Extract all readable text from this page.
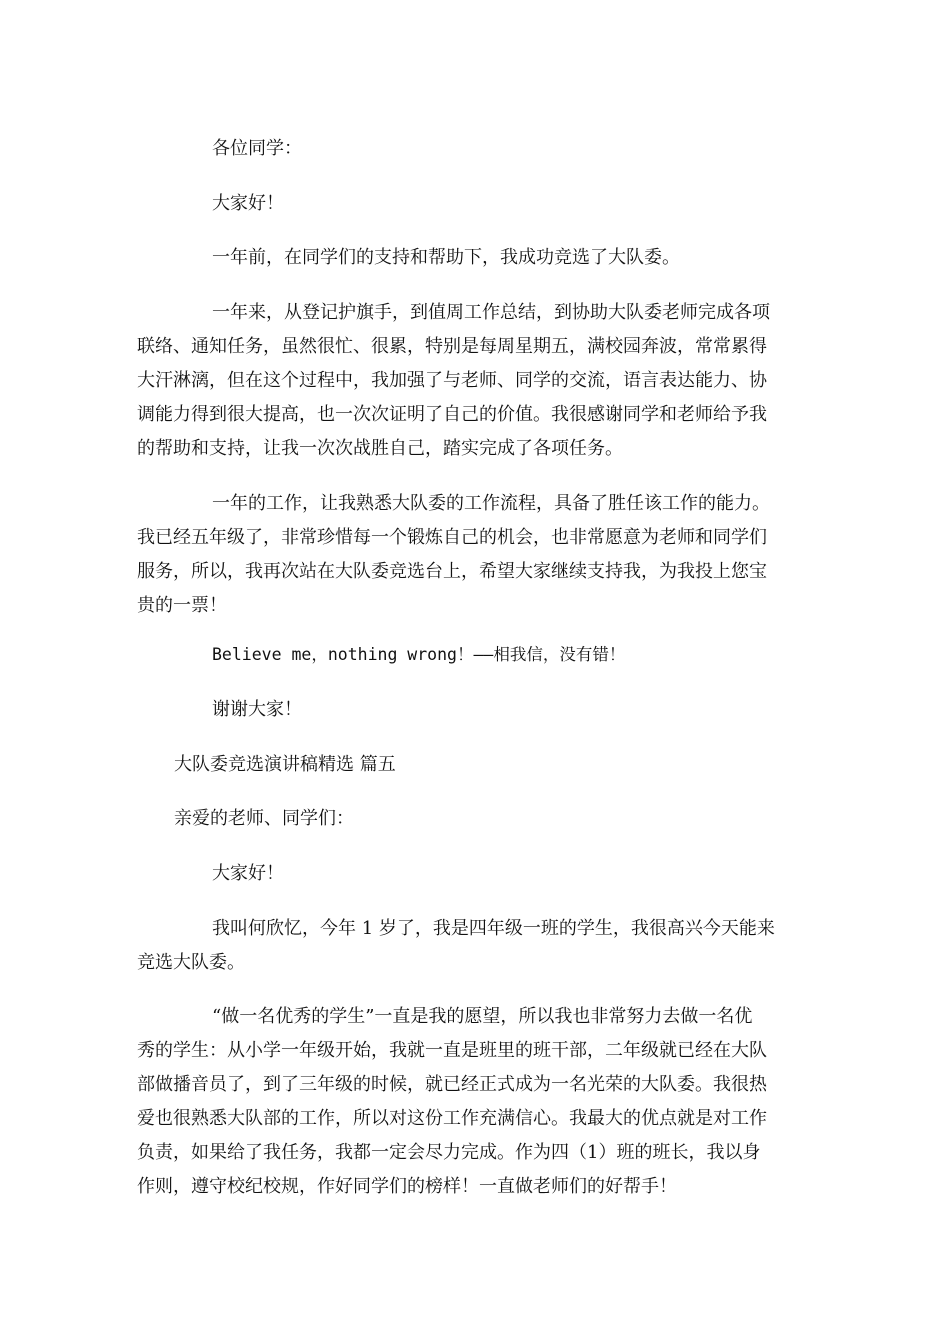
各位同学：
大家好！
一年前，在同学们的支持和帮助下，我成功竞选了大队委。
一年来，从登记护旗手，到值周工作总结，到协助大队委老师完成各项
联络、通知任务，虽然很忙、很累，特别是每周星期五，满校园奔波，常常累得
大汗淋漓，但在这个过程中，我加强了与老师、同学的交流，语言表达能力、协
调能力得到很大提高，也一次次证明了自己的价值。我很感谢同学和老师给予我
的帮助和支持，让我一次次战胜自己，踏实完成了各项任务。
一年的工作，让我熟悉大队委的工作流程，具备了胜任该工作的能力。
我已经五年级了，非常珍惜每一个锻炼自己的机会，也非常愿意为老师和同学们
服务，所以，我再次站在大队委竞选台上，希望大家继续支持我，为我投上您宝
贵的一票！
Believe me，nothing wrong！——相我信，没有错！
谢谢大家！
大队委竞选演讲稿精选 篇五
亲爱的老师、同学们：
大家好！
我叫何欣忆，今年 1 岁了，我是四年级一班的学生，我很高兴今天能来
竞选大队委。
“做一名优秀的学生”一直是我的愿望，所以我也非常努力去做一名优
秀的学生：从小学一年级开始，我就一直是班里的班干部，二年级就已经在大队
部做播音员了，到了三年级的时候，就已经正式成为一名光荣的大队委。我很热
爱也很熟悉大队部的工作，所以对这份工作充满信心。我最大的优点就是对工作
负责，如果给了我任务，我都一定会尽力完成。作为四（1）班的班长，我以身
作则，遵守校纪校规，作好同学们的榜样！一直做老师们的好帮手！
